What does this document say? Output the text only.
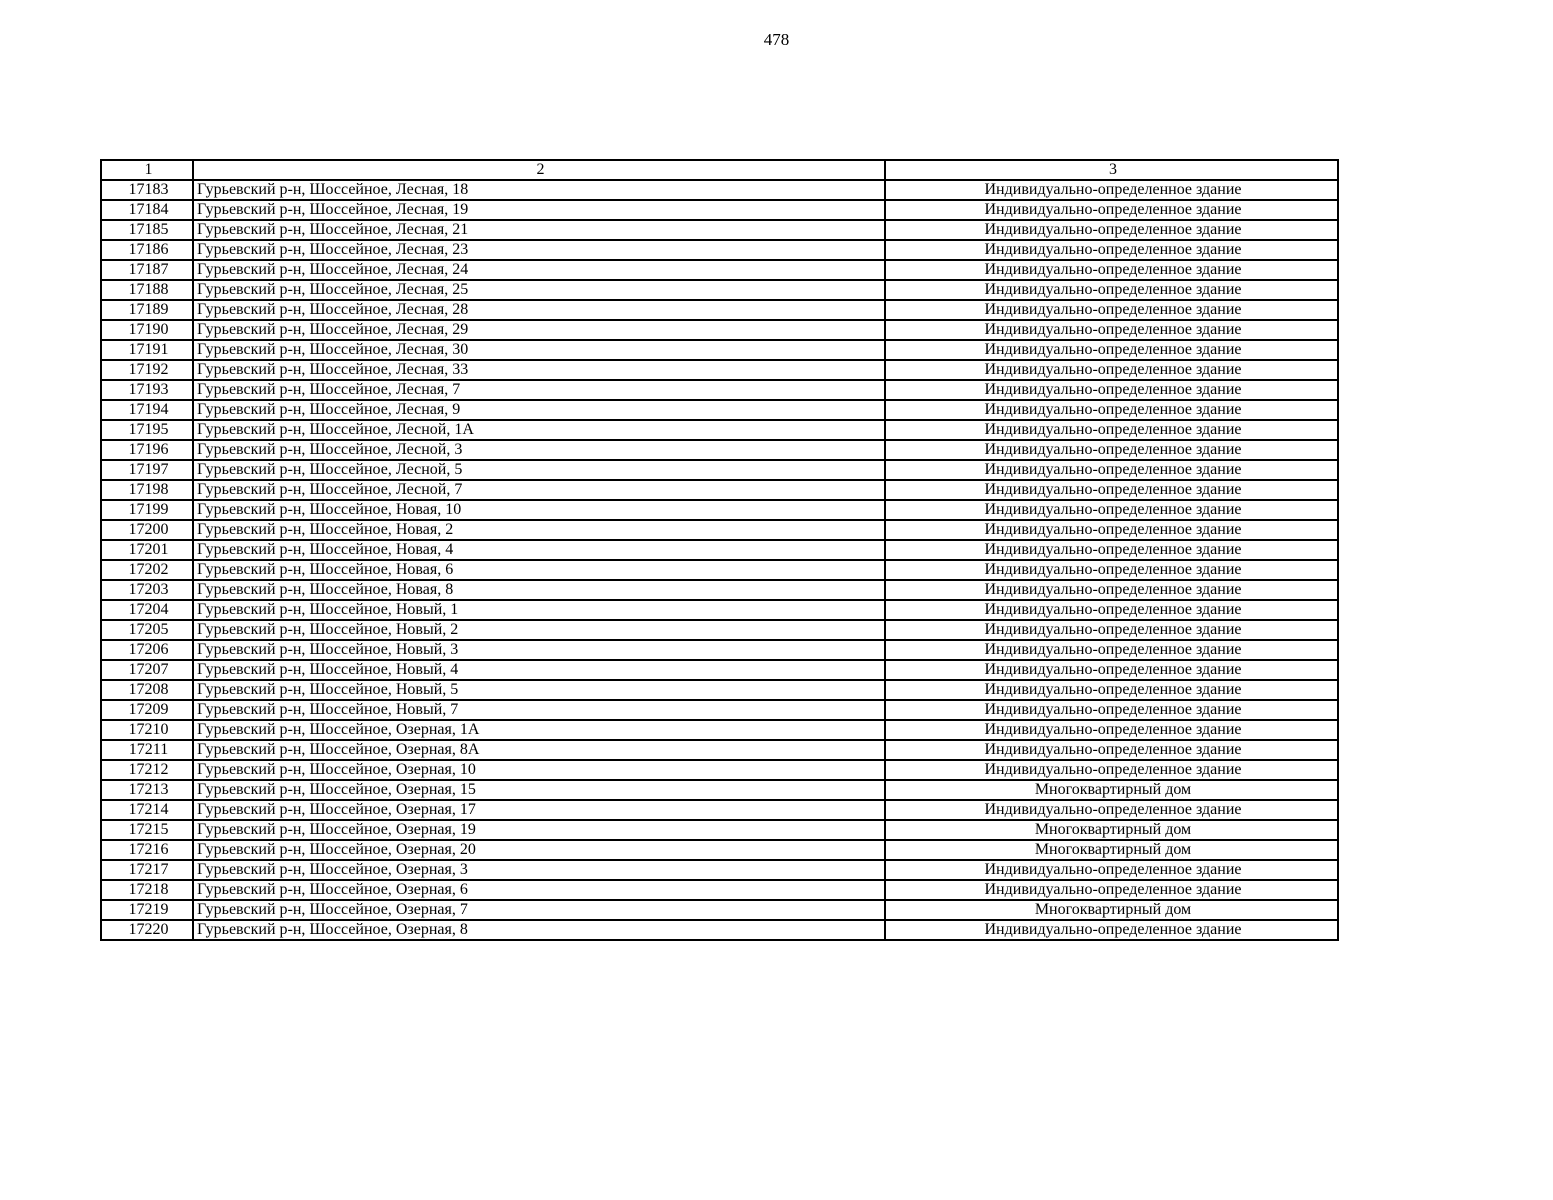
478
1	2	3
17183	Гурьевский р-н, Шоссейное, Лесная, 18	Индивидуально-определенное здание
17184	Гурьевский р-н, Шоссейное, Лесная, 19	Индивидуально-определенное здание
17185	Гурьевский р-н, Шоссейное, Лесная, 21	Индивидуально-определенное здание
17186	Гурьевский р-н, Шоссейное, Лесная, 23	Индивидуально-определенное здание
17187	Гурьевский р-н, Шоссейное, Лесная, 24	Индивидуально-определенное здание
17188	Гурьевский р-н, Шоссейное, Лесная, 25	Индивидуально-определенное здание
17189	Гурьевский р-н, Шоссейное, Лесная, 28	Индивидуально-определенное здание
17190	Гурьевский р-н, Шоссейное, Лесная, 29	Индивидуально-определенное здание
17191	Гурьевский р-н, Шоссейное, Лесная, 30	Индивидуально-определенное здание
17192	Гурьевский р-н, Шоссейное, Лесная, 33	Индивидуально-определенное здание
17193	Гурьевский р-н, Шоссейное, Лесная, 7	Индивидуально-определенное здание
17194	Гурьевский р-н, Шоссейное, Лесная, 9	Индивидуально-определенное здание
17195	Гурьевский р-н, Шоссейное, Лесной, 1А	Индивидуально-определенное здание
17196	Гурьевский р-н, Шоссейное, Лесной, 3	Индивидуально-определенное здание
17197	Гурьевский р-н, Шоссейное, Лесной, 5	Индивидуально-определенное здание
17198	Гурьевский р-н, Шоссейное, Лесной, 7	Индивидуально-определенное здание
17199	Гурьевский р-н, Шоссейное, Новая, 10	Индивидуально-определенное здание
17200	Гурьевский р-н, Шоссейное, Новая, 2	Индивидуально-определенное здание
17201	Гурьевский р-н, Шоссейное, Новая, 4	Индивидуально-определенное здание
17202	Гурьевский р-н, Шоссейное, Новая, 6	Индивидуально-определенное здание
17203	Гурьевский р-н, Шоссейное, Новая, 8	Индивидуально-определенное здание
17204	Гурьевский р-н, Шоссейное, Новый, 1	Индивидуально-определенное здание
17205	Гурьевский р-н, Шоссейное, Новый, 2	Индивидуально-определенное здание
17206	Гурьевский р-н, Шоссейное, Новый, 3	Индивидуально-определенное здание
17207	Гурьевский р-н, Шоссейное, Новый, 4	Индивидуально-определенное здание
17208	Гурьевский р-н, Шоссейное, Новый, 5	Индивидуально-определенное здание
17209	Гурьевский р-н, Шоссейное, Новый, 7	Индивидуально-определенное здание
17210	Гурьевский р-н, Шоссейное, Озерная, 1А	Индивидуально-определенное здание
17211	Гурьевский р-н, Шоссейное, Озерная, 8А	Индивидуально-определенное здание
17212	Гурьевский р-н, Шоссейное, Озерная, 10	Индивидуально-определенное здание
17213	Гурьевский р-н, Шоссейное, Озерная, 15	Многоквартирный дом
17214	Гурьевский р-н, Шоссейное, Озерная, 17	Индивидуально-определенное здание
17215	Гурьевский р-н, Шоссейное, Озерная, 19	Многоквартирный дом
17216	Гурьевский р-н, Шоссейное, Озерная, 20	Многоквартирный дом
17217	Гурьевский р-н, Шоссейное, Озерная, 3	Индивидуально-определенное здание
17218	Гурьевский р-н, Шоссейное, Озерная, 6	Индивидуально-определенное здание
17219	Гурьевский р-н, Шоссейное, Озерная, 7	Многоквартирный дом
17220	Гурьевский р-н, Шоссейное, Озерная, 8	Индивидуально-определенное здание
